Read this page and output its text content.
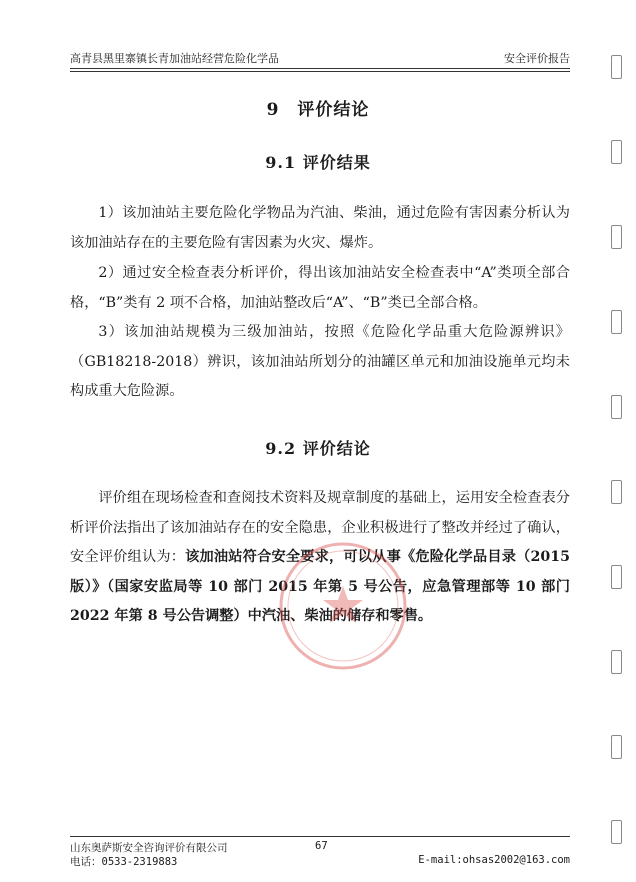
高青县黑里寨镇长青加油站经营危险化学品	安全评价报告
9 评价结论
9.1 评价结果

1）该加油站主要危险化学物品为汽油、柴油，通过危险有害因素分析认为该加油站存在的主要危险有害因素为火灾、爆炸。

2）通过安全检查表分析评价，得出该加油站安全检查表中“A”类项全部合格，“B”类有 2 项不合格，加油站整改后“A”、“B”类已全部合格。

3）该加油站规模为三级加油站，按照《危险化学品重大危险源辨识》（GB18218-2018）辨识，该加油站所划分的油罐区单元和加油设施单元均未构成重大危险源。

9.2 评价结论

评价组在现场检查和查阅技术资料及规章制度的基础上，运用安全检查表分析评价法指出了该加油站存在的安全隐患，企业积极进行了整改并经过了确认，安全评价组认为：该加油站符合安全要求，可以从事《危险化学品目录（2015 版）》（国家安监局等 10 部门 2015 年第 5 号公告，应急管理部等 10 部门 2022 年第 8 号公告调整）中汽油、柴油的储存和零售。

山东奥萨斯安全咨询评价有限公司	67
电话：0533-2319883	E-mail:ohsas2002@163.com
